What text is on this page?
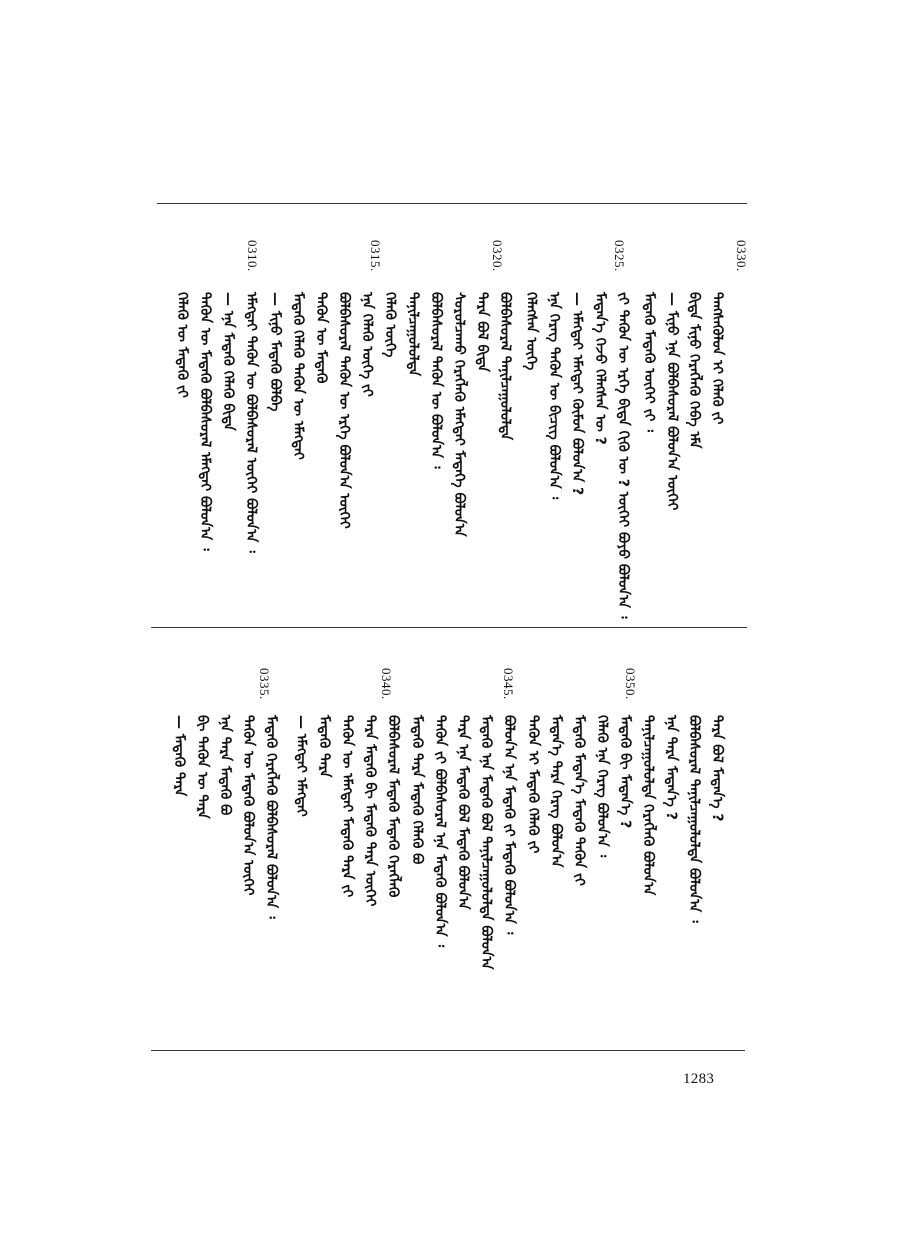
ᠲᠡᠩᠰᠡᠭᠦᠯᠦᠨ ᠡᠢ ᠬᠡᠯᠡᠬᠦ ᠶ᠋ᠢ
ᠪᠢᠳᠡ ᠮᠢᠨᠦ ᠬᠡᠷᠡᠭᠯᠡᠬᠦ ᠭᠡᠪᠡ ᠡᠮᠡ
— ᠮᠢᠨᠦ ᠡᠨᠡ ᠪᠣᠯᠪᠠᠰᠤᠷᠠᠯ ᠪᠣᠯᠤᠨ᠎ᠠ ᠦᠭᠡᠢ
ᠮᠡᠳᠡᠬᠦ ᠮᠡᠳᠡᠬᠦ ᠦᠭᠡᠢ ᠶ᠋ᠢ ᠄
ᠶ᠋ᠢ ᠲᠡᠭᠦᠨ ᠦ ᠡᠷᠬᠡ ᠪᠢᠳᠡ ᠬᠢᠬᠦ ᠦ ? ᠦᠭᠡᠢ ᠪᠤᠶᠤ ᠪᠣᠯᠤᠨ᠎ᠠ ᠄
ᠮᠡᠳᠡᠨ᠎ᠡ ᠭᠡᠵᠦ ᠬᠡᠯᠡᠭᠰᠡᠨ ᠦ ?
— ᠡᠮᠡᠭᠲᠡᠢ ᠡᠮᠡᠭᠲᠡᠢ ᠬᠦᠮᠦᠨ ᠪᠣᠯᠤᠨ᠎ᠠ ?
ᠡᠨᠡ ᠬᠡᠷᠡᠭ ᠲᠡᠭᠦᠨ ᠦ ᠪᠢᠴᠢᠭ ᠪᠣᠯᠤᠨ᠎ᠠ ᠄
ᠬᠡᠯᠡᠭᠰᠡᠨ ᠦᠭᠡ
ᠪᠣᠯᠪᠠᠰᠤᠷᠠᠯ ᠲᠠᠨᠢᠯᠴᠠᠭᠤᠯᠤᠯᠲᠠ
ᠲᠡᠷᠡ ᠪᠣᠯ ᠪᠢᠳᠡ
ᠰᠤᠷᠤᠯᠴᠠᠬᠤ ᠬᠡᠷᠡᠭᠯᠡᠬᠦ ᠡᠮᠡᠭᠲᠡᠢ ᠮᠡᠳᠡᠭᠡ ᠪᠣᠯᠤᠨ᠎ᠠ
ᠪᠣᠯᠪᠠᠰᠤᠷᠠᠯ ᠲᠡᠭᠦᠨ ᠦ ᠪᠣᠯᠤᠨ᠎ᠠ ᠄
ᠲᠠᠨᠢᠯᠴᠠᠭᠤᠯᠤᠯᠲᠠ
ᠬᠡᠯᠡᠬᠦ ᠦᠭᠡ
ᠡᠨᠡ ᠬᠡᠯᠡᠬᠦ ᠦᠭᠡ ᠶ᠋ᠢ
ᠪᠣᠯᠪᠠᠰᠤᠷᠠᠯ ᠲᠡᠭᠦᠨ ᠦ ᠡᠷᠬᠡ ᠪᠣᠯᠤᠨ᠎ᠠ ᠦᠭᠡᠢ
ᠲᠡᠭᠦᠨ ᠦ ᠮᠡᠳᠡᠬᠦ
ᠮᠡᠳᠡᠬᠦ ᠬᠡᠯᠡᠬᠦ ᠲᠡᠭᠦᠨ ᠦ ᠡᠮᠡᠭᠲᠡᠢ
— ᠮᠢᠨᠦ ᠮᠡᠳᠡᠬᠦ ᠪᠣᠯᠪᠠ
ᠡᠮᠡᠭᠲᠡᠢ ᠲᠡᠭᠦᠨ ᠦ ᠪᠣᠯᠪᠠᠰᠤᠷᠠᠯ ᠦᠭᠡᠢ ᠪᠣᠯᠤᠨ᠎ᠠ ᠄
— ᠡᠨᠡ ᠮᠡᠳᠡᠬᠦ ᠬᠡᠯᠡᠬᠦ ᠪᠢᠳᠡ
ᠲᠡᠭᠦᠨ ᠦ ᠮᠡᠳᠡᠬᠦ ᠪᠣᠯᠪᠠᠰᠤᠷᠠᠯ ᠡᠮᠡᠭᠲᠡᠢ ᠪᠣᠯᠤᠨ᠎ᠠ ᠄
ᠬᠡᠯᠡᠬᠦ ᠦ ᠮᠡᠳᠡᠬᠦ ᠶ᠋ᠢ
0310.	0315.	0320.	0325.	0330.
ᠲᠡᠷᠡ ᠪᠣᠯ ᠮᠡᠳᠡᠨ᠎ᠡ ?
ᠪᠣᠯᠪᠠᠰᠤᠷᠠᠯ ᠲᠠᠨᠢᠯᠴᠠᠭᠤᠯᠤᠯᠲᠠ ᠪᠣᠯᠤᠨ᠎ᠠ ᠄
ᠡᠨᠡ ᠲᠡᠷᠡ ᠮᠡᠳᠡᠨ᠎ᠡ ?
ᠲᠠᠨᠢᠯᠴᠠᠭᠤᠯᠤᠯᠲᠠ ᠬᠡᠷᠡᠭᠯᠡᠬᠦ ᠪᠣᠯᠤᠨ᠎ᠠ
ᠮᠡᠳᠡᠬᠦ ᠪᠢ ᠮᠡᠳᠡᠨ᠎ᠡ ?
ᠬᠡᠯᠡᠬᠦ ᠡᠨᠡ ᠬᠡᠷᠡᠭ ᠪᠣᠯᠤᠨ᠎ᠠ ᠄
ᠮᠡᠳᠡᠬᠦ ᠮᠡᠳᠡᠨ᠎ᠡ ᠮᠡᠳᠡᠬᠦ ᠲᠡᠭᠦᠨ ᠶ᠋ᠢ
ᠮᠡᠳᠡᠨ᠎ᠡ ᠲᠡᠷᠡ ᠬᠡᠷᠡᠭ ᠪᠣᠯᠤᠨ᠎ᠠ
ᠲᠡᠭᠦᠨ ᠢ ᠮᠡᠳᠡᠬᠦ ᠬᠡᠯᠡᠬᠦ ᠶ᠋ᠢ
ᠪᠣᠯᠤᠨ᠎ᠠ ᠡᠨᠡ ᠮᠡᠳᠡᠬᠦ ᠶ᠋ᠢ ᠮᠡᠳᠡᠬᠦ ᠪᠣᠯᠤᠨ᠎ᠠ ᠄
ᠮᠡᠳᠡᠬᠦ ᠡᠨᠡ ᠮᠡᠳᠡᠬᠦ ᠪᠣᠯ ᠲᠠᠨᠢᠯᠴᠠᠭᠤᠯᠤᠯᠲᠠ ᠪᠣᠯᠤᠨ᠎ᠠ
ᠲᠡᠷᠡ ᠡᠨᠡ ᠮᠡᠳᠡᠬᠦ ᠪᠣᠯ ᠮᠡᠳᠡᠬᠦ ᠪᠣᠯᠤᠨ᠎ᠠ
ᠲᠡᠭᠦᠨ ᠶ᠋ᠢ ᠪᠣᠯᠪᠠᠰᠤᠷᠠᠯ ᠡᠨᠡ ᠮᠡᠳᠡᠬᠦ ᠪᠣᠯᠤᠨ᠎ᠠ ᠄
ᠮᠡᠳᠡᠬᠦ ᠲᠡᠷᠡ ᠮᠡᠳᠡᠬᠦ ᠬᠡᠯᠡᠬᠦ ᠪᠣ
ᠪᠣᠯᠪᠠᠰᠤᠷᠠᠯ ᠮᠡᠳᠡᠬᠦ ᠮᠡᠳᠡᠬᠦ ᠬᠡᠷᠡᠭᠯᠡᠬᠦ
ᠲᠡᠷᠡ ᠮᠡᠳᠡᠬᠦ ᠪᠢ ᠮᠡᠳᠡᠬᠦ ᠲᠡᠷᠡ ᠦᠭᠡᠢ
ᠲᠡᠭᠦᠨ ᠦ ᠡᠮᠡᠭᠲᠡᠢ ᠮᠡᠳᠡᠬᠦ ᠲᠡᠷᠡ ᠶ᠋ᠢ
ᠮᠡᠳᠡᠬᠦ ᠲᠡᠷᠡ
— ᠡᠮᠡᠭᠲᠡᠢ ᠡᠮᠡᠭᠲᠡᠢ
ᠮᠡᠳᠡᠬᠦ ᠬᠡᠷᠡᠭᠯᠡᠬᠦ ᠪᠣᠯᠪᠠᠰᠤᠷᠠᠯ ᠪᠣᠯᠤᠨ᠎ᠠ ᠄
ᠲᠡᠭᠦᠨ ᠦ ᠮᠡᠳᠡᠬᠦ ᠪᠣᠯᠤᠨ᠎ᠠ ᠦᠭᠡᠢ
ᠡᠨᠡ ᠲᠡᠷᠡ ᠮᠡᠳᠡᠬᠦ ᠪᠣ
ᠪᠢ ᠲᠡᠭᠦᠨ ᠦ ᠲᠡᠷᠡ
— ᠮᠡᠳᠡᠬᠦ ᠲᠡᠷᠡ
0335.	0340.	0345.	0350.
1283
